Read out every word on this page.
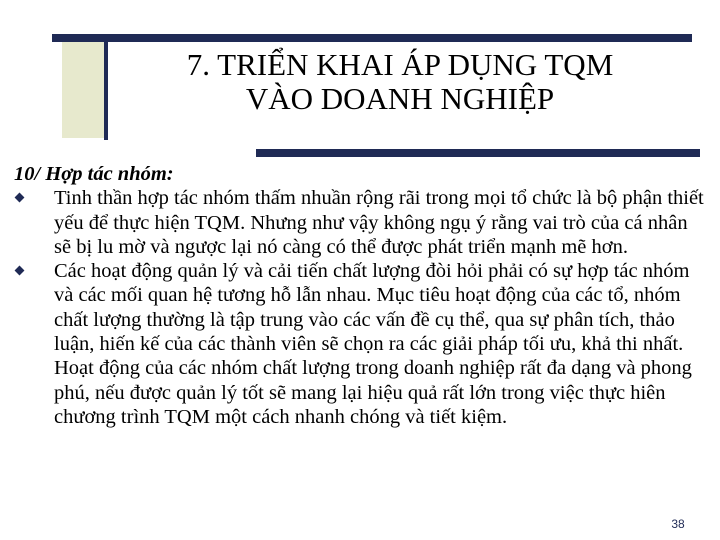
7. TRIỂN KHAI ÁP DỤNG TQM
VÀO DOANH NGHIỆP
10/ Hợp tác nhóm:
Tinh thần hợp tác nhóm thấm nhuần rộng rãi trong mọi tổ chức là bộ phận thiết yếu để thực hiện TQM. Nhưng như vậy không ngụ ý rằng vai trò của cá nhân sẽ bị lu mờ và ngược lại nó càng có thể được phát triển mạnh mẽ hơn.
Các hoạt động quản lý và cải tiến chất lượng đòi hỏi phải có sự hợp tác nhóm và các mối quan hệ tương hỗ lẫn nhau. Mục tiêu hoạt động của các tổ, nhóm chất lượng thường là tập trung vào các vấn đề cụ thể, qua sự phân tích, thảo luận, hiến kế của các thành viên sẽ chọn ra các giải pháp tối ưu, khả thi nhất. Hoạt động của các nhóm chất lượng trong doanh nghiệp rất đa dạng và phong phú, nếu được quản lý tốt sẽ mang lại hiệu quả rất lớn trong việc thực hiên chương trình TQM một cách nhanh chóng và tiết kiệm.
38
